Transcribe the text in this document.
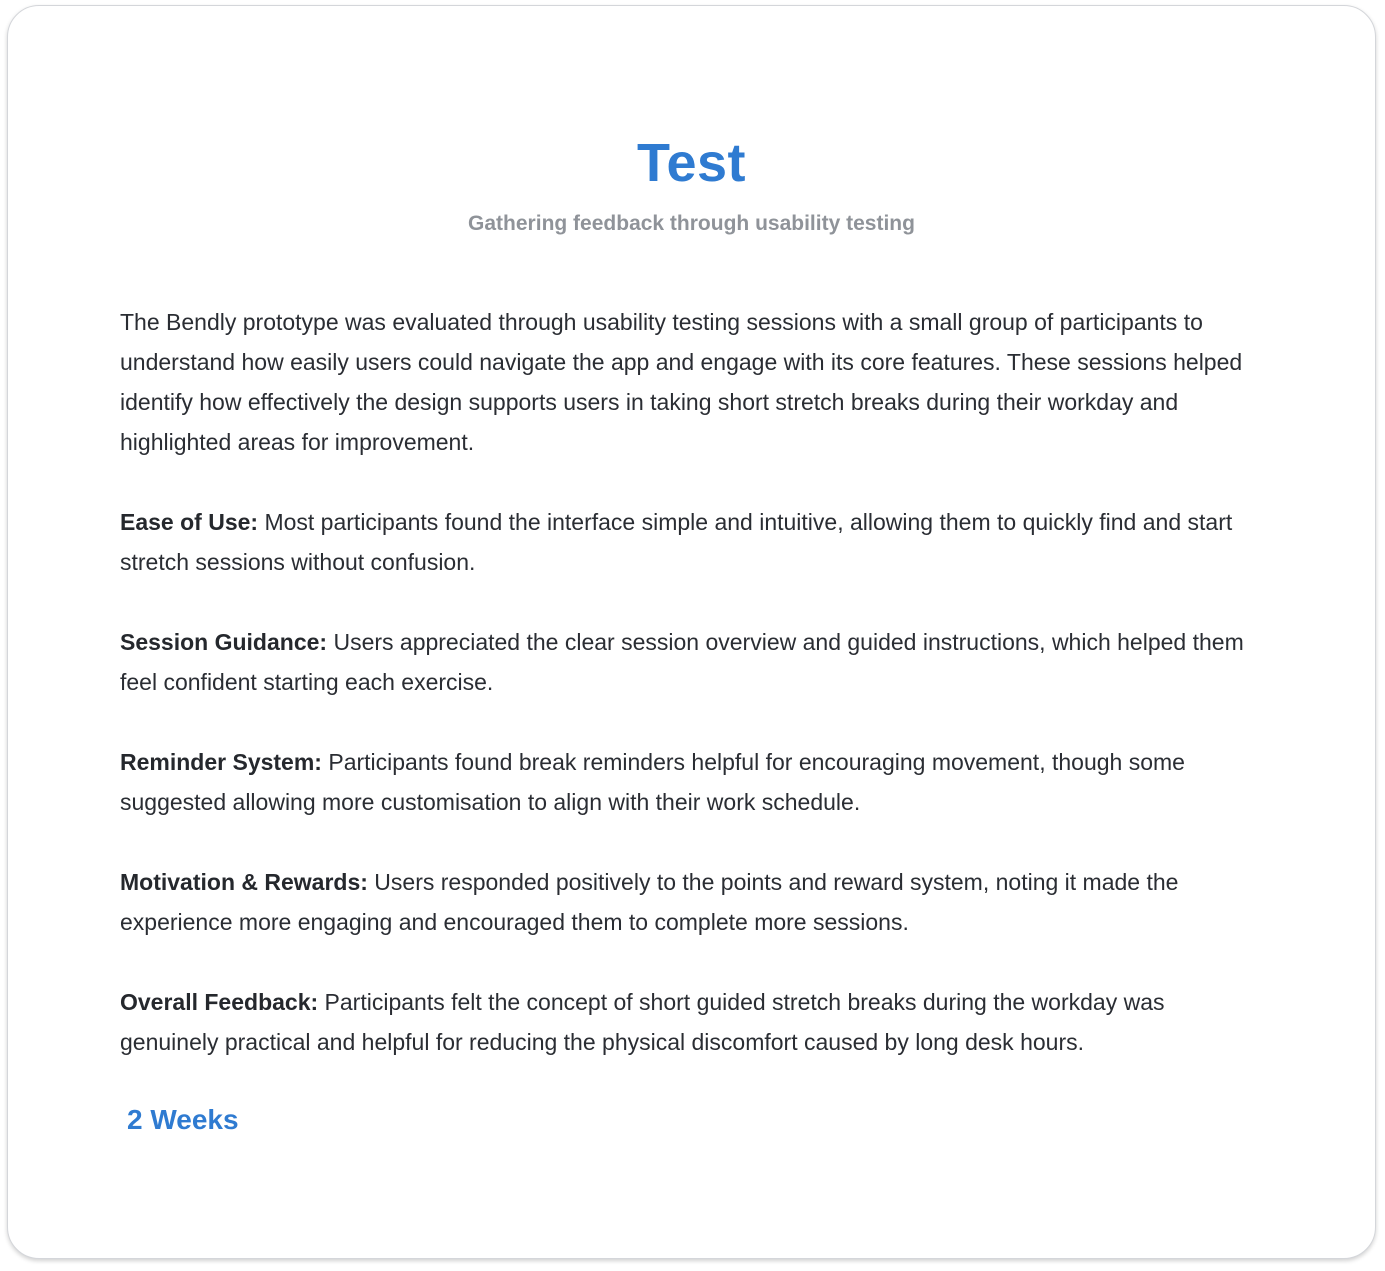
Test

Gathering feedback through usability testing

The Bendly prototype was evaluated through usability testing sessions with a small group of participants to understand how easily users could navigate the app and engage with its core features. These sessions helped identify how effectively the design supports users in taking short stretch breaks during their workday and highlighted areas for improvement.

Ease of Use: Most participants found the interface simple and intuitive, allowing them to quickly find and start stretch sessions without confusion.

Session Guidance: Users appreciated the clear session overview and guided instructions, which helped them feel confident starting each exercise.

Reminder System: Participants found break reminders helpful for encouraging movement, though some suggested allowing more customisation to align with their work schedule.

Motivation & Rewards: Users responded positively to the points and reward system, noting it made the experience more engaging and encouraged them to complete more sessions.

Overall Feedback: Participants felt the concept of short guided stretch breaks during the workday was genuinely practical and helpful for reducing the physical discomfort caused by long desk hours.

2 Weeks
